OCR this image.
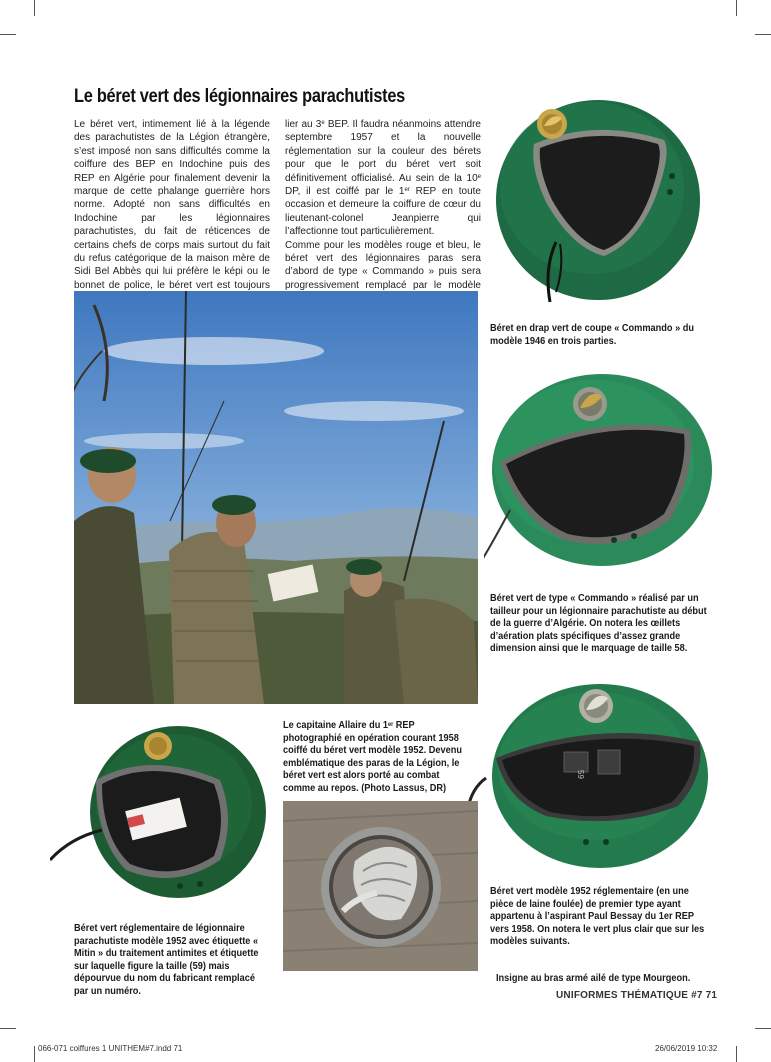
Le béret vert des légionnaires parachutistes

Le béret vert, intimement lié à la légende des parachutistes de la Légion étrangère, s’est imposé non sans difficultés comme la coiffure des BEP en Indochine puis des REP en Algérie pour finalement devenir la marque de cette phalange guerrière hors norme. Adopté non sans difficultés en Indochine par les légionnaires parachutistes, du fait de réticences de certains chefs de corps mais surtout du fait du refus catégorique de la maison mère de Sidi Bel Abbès qui lui préfère le képi ou le bonnet de police, le béret vert est toujours

lier au 3e BEP. Il faudra néanmoins attendre septembre 1957 et la nouvelle réglementation sur la couleur des bérets pour que le port du béret vert soit définitivement officialisé. Au sein de la 10e DP, il est coiffé par le 1er REP en toute occasion et demeure la coiffure de cœur du lieutenant-colonel Jeanpierre qui l’affectionne tout particulièrement.

Comme pour les modèles rouge et bleu, le béret vert des légionnaires paras sera d’abord de type « Commando » puis sera progressivement remplacé par le modèle

Béret en drap vert de coupe « Commando » du modèle 1946 en trois parties.

Béret vert de type « Commando » réalisé par un tailleur pour un légionnaire parachutiste au début de la guerre d’Algérie. On notera les œillets d’aération plats spécifiques d’assez grande dimension ainsi que le marquage de taille 58.

Le capitaine Allaire du 1er REP photographié en opération courant 1958 coiffé du béret vert modèle 1952. Devenu emblématique des paras de la Légion, le béret vert est alors porté au combat comme au repos. (Photo Lassus, DR)

59

Béret vert réglementaire de légionnaire parachutiste modèle 1952 avec étiquette « Mitin » du traitement antimites et étiquette sur laquelle figure la taille (59) mais dépourvue du nom du fabricant remplacé par un numéro.

Béret vert modèle 1952 réglementaire (en une pièce de laine foulée) de premier type ayant appartenu à l’aspirant Paul Bessay du 1er REP vers 1958. On notera le vert plus clair que sur les modèles suivants.

Insigne au bras armé ailé de type Mourgeon.

UNIFORMES THÉMATIQUE #7 71
066-071 coiffures 1 UNITHEM#7.indd 71	26/06/2019 10:32
